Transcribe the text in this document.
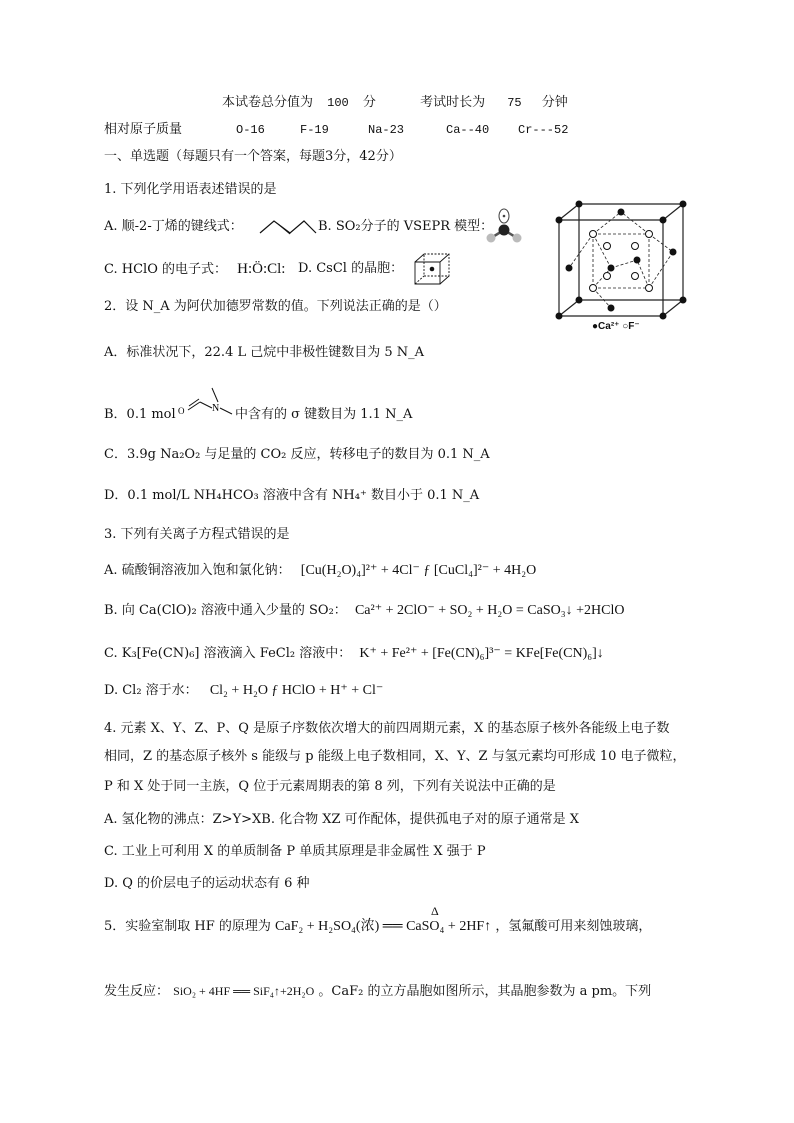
本试卷总分值为 100 分	考试时长为 75 分钟
相对原子质量	O-16	F-19	Na-23	Ca--40 Cr---52
一、单选题（每题只有一个答案，每题3分，42分）
1. 下列化学用语表述错误的是
A. 顺-2-丁烯的键线式：	B. SO₂分子的 VSEPR 模型：
C. HClO 的电子式： H:Ö:Cl: D. CsCl 的晶胞：
●Ca²⁺ ○F⁻
2．设 N_A 为阿伏加德罗常数的值。下列说法正确的是（）
A．标准状况下，22.4 L 己烷中非极性键数目为 5 N_A
B．0.1 mol O	N 中含有的 σ 键数目为 1.1 N_A
C．3.9g Na₂O₂ 与足量的 CO₂ 反应，转移电子的数目为 0.1 N_A
D．0.1 mol/L NH₄HCO₃ 溶液中含有 NH₄⁺ 数目小于 0.1 N_A
3. 下列有关离子方程式错误的是
A. 硫酸铜溶液加入饱和氯化钠： [Cu(H₂O)₄]²⁺ + 4Cl⁻ ƒ [CuCl₄]²⁻ + 4H₂O
B. 向 Ca(ClO)₂ 溶液中通入少量的 SO₂： Ca²⁺ + 2ClO⁻ + SO₂ + H₂O = CaSO₃↓ +2HClO
C. K₃[Fe(CN)₆] 溶液滴入 FeCl₂ 溶液中： K⁺ + Fe²⁺ + [Fe(CN)₆]³⁻ = KFe[Fe(CN)₆]↓
D. Cl₂ 溶于水： Cl₂ + H₂O ƒ HClO + H⁺ + Cl⁻
4. 元素 X、Y、Z、P、Q 是原子序数依次增大的前四周期元素，X 的基态原子核外各能级上电子数
相同，Z 的基态原子核外 s 能级与 p 能级上电子数相同，X、Y、Z 与氢元素均可形成 10 电子微粒，
P 和 X 处于同一主族，Q 位于元素周期表的第 8 列，下列有关说法中正确的是
A. 氢化物的沸点：Z>Y>XB. 化合物 XZ 可作配体，提供孤电子对的原子通常是 X
C. 工业上可利用 X 的单质制备 P 单质其原理是非金属性 X 强于 P
D. Q 的价层电子的运动状态有 6 种
5．实验室制取 HF 的原理为
Δ
CaF₂ + H₂SO₄(浓) ══ CaSO₄ + 2HF↑ ，氢氟酸可用来刻蚀玻璃，
发生反应： SiO₂ + 4HF ══ SiF₄↑+2H₂O 。CaF₂ 的立方晶胞如图所示，其晶胞参数为 a pm。下列
